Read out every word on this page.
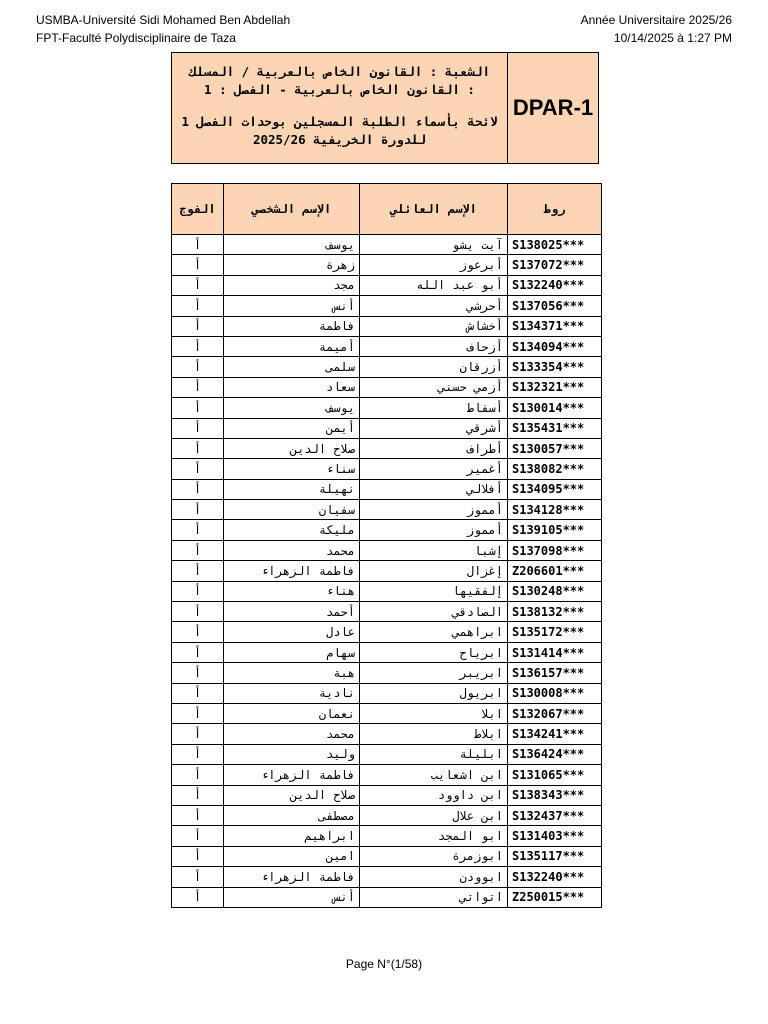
USMBA-Université Sidi Mohamed Ben Abdellah
FPT-Faculté Polydisciplinaire de Taza
Année Universitaire 2025/26
10/14/2025 à 1:27 PM
الشعبة : القانون الخاص بالعربية / المسلك
: القانون الخاص بالعربية - الفصل : 1
لائحة بأسماء الطلبة المسجلين بوحدات الفصل 1
للدورة الخريفية 2025/26
DPAR-1
الفوج	الإسم الشخصي	الإسم العائلي	روط
أ	يوسف	آيت يشو	S138025***
أ	زهرة	أبرعوز	S137072***
أ	مجد	أبو عبد الله	S132240***
أ	أنس	أحرشي	S137056***
أ	فاطمة	أخشاش	S134371***
أ	أميمة	أزحاف	S134094***
أ	سلمى	أزرقان	S133354***
أ	سعاد	أزمي حسني	S132321***
أ	يوسف	أسفاط	S130014***
أ	أيمن	أشرقي	S135431***
أ	صلاح الدين	أطراف	S130057***
أ	سناء	أغمير	S138082***
أ	نهيلة	أفلالي	S134095***
أ	سفيان	أمموز	S134128***
أ	مليكة	أمموز	S139105***
أ	محمد	إشبا	S137098***
أ	فاطمة الزهراء	إغزال	Z206601***
أ	هناء	إلفقيها	S130248***
أ	أحمد	الصادقي	S138132***
أ	عادل	ابراهمي	S135172***
أ	سهام	ابرياح	S131414***
أ	هبة	ابريبر	S136157***
أ	نادية	ابريول	S130008***
أ	نعمان	ابلا	S132067***
أ	محمد	ابلاط	S134241***
أ	وليد	ابليلة	S136424***
أ	فاطمة الزهراء	ابن اشعايب	S131065***
أ	صلاح الدين	ابن داوود	S138343***
أ	مصطفى	ابن علال	S132437***
أ	ابراهيم	ابو المجد	S131403***
أ	امين	ابوزمرة	S135117***
أ	فاطمة الزهراء	ابوودن	S132240***
أ	أنس	اتواتي	Z250015***
Page N°(1/58)
